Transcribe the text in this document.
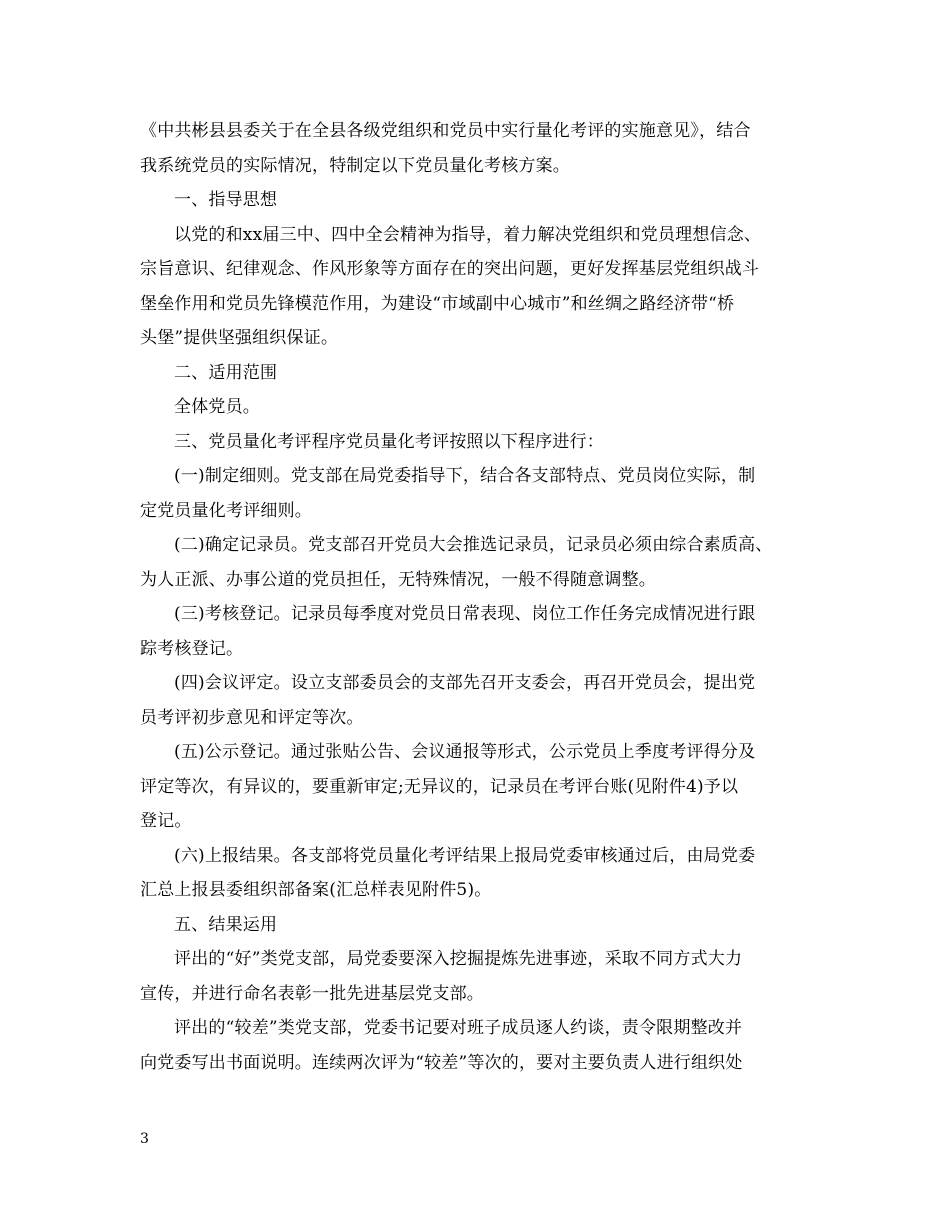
《中共彬县县委关于在全县各级党组织和党员中实行量化考评的实施意见》，结合
我系统党员的实际情况，特制定以下党员量化考核方案。
一、指导思想
以党的和xx届三中、四中全会精神为指导，着力解决党组织和党员理想信念、
宗旨意识、纪律观念、作风形象等方面存在的突出问题，更好发挥基层党组织战斗
堡垒作用和党员先锋模范作用，为建设“市域副中心城市”和丝绸之路经济带“桥
头堡”提供坚强组织保证。
二、适用范围
全体党员。
三、党员量化考评程序党员量化考评按照以下程序进行：
(一)制定细则。党支部在局党委指导下，结合各支部特点、党员岗位实际，制
定党员量化考评细则。
(二)确定记录员。党支部召开党员大会推选记录员，记录员必须由综合素质高、
为人正派、办事公道的党员担任，无特殊情况，一般不得随意调整。
(三)考核登记。记录员每季度对党员日常表现、岗位工作任务完成情况进行跟
踪考核登记。
(四)会议评定。设立支部委员会的支部先召开支委会，再召开党员会，提出党
员考评初步意见和评定等次。
(五)公示登记。通过张贴公告、会议通报等形式，公示党员上季度考评得分及
评定等次，有异议的，要重新审定;无异议的，记录员在考评台账(见附件4)予以
登记。
(六)上报结果。各支部将党员量化考评结果上报局党委审核通过后，由局党委
汇总上报县委组织部备案(汇总样表见附件5)。
五、结果运用
评出的“好”类党支部，局党委要深入挖掘提炼先进事迹，采取不同方式大力
宣传，并进行命名表彰一批先进基层党支部。
评出的“较差”类党支部，党委书记要对班子成员逐人约谈，责令限期整改并
向党委写出书面说明。连续两次评为“较差”等次的，要对主要负责人进行组织处
3
